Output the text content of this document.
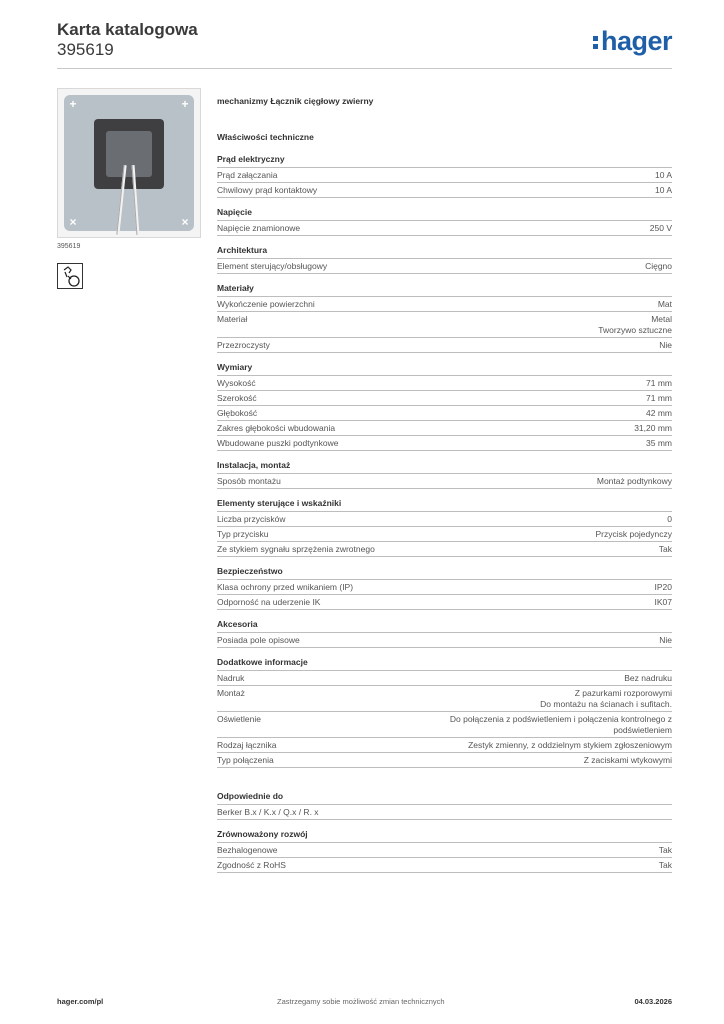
Karta katalogowa
395619	hager
+	+
×	×
395619
mechanizmy Łącznik cięgłowy zwierny
Właściwości techniczne
Prąd elektryczny
Prąd załączania	10 A
Chwilowy prąd kontaktowy	10 A
Napięcie
Napięcie znamionowe	250 V
Architektura
Element sterujący/obsługowy	Cięgno
Materiały
Wykończenie powierzchni	Mat
Materiał	Metal
Tworzywo sztuczne
Przezroczysty	Nie
Wymiary
Wysokość	71 mm
Szerokość	71 mm
Głębokość	42 mm
Zakres głębokości wbudowania	31,20 mm
Wbudowane puszki podtynkowe	35 mm
Instalacja, montaż
Sposób montażu	Montaż podtynkowy
Elementy sterujące i wskaźniki
Liczba przycisków	0
Typ przycisku	Przycisk pojedynczy
Ze stykiem sygnału sprzężenia zwrotnego	Tak
Bezpieczeństwo
Klasa ochrony przed wnikaniem (IP)	IP20
Odporność na uderzenie IK	IK07
Akcesoria
Posiada pole opisowe	Nie
Dodatkowe informacje
Nadruk	Bez nadruku
Montaż	Z pazurkami rozporowymi
Do montażu na ścianach i sufitach.
Oświetlenie	Do połączenia z podświetleniem i połączenia kontrolnego z
podświetleniem
Rodzaj łącznika	Zestyk zmienny, z oddzielnym stykiem zgłoszeniowym
Typ połączenia	Z zaciskami wtykowymi
Odpowiednie do
Berker B.x / K.x / Q.x / R. x
Zrównoważony rozwój
Bezhalogenowe	Tak
Zgodność z RoHS	Tak
hager.com/pl	Zastrzegamy sobie możliwość zmian technicznych	04.03.2026
